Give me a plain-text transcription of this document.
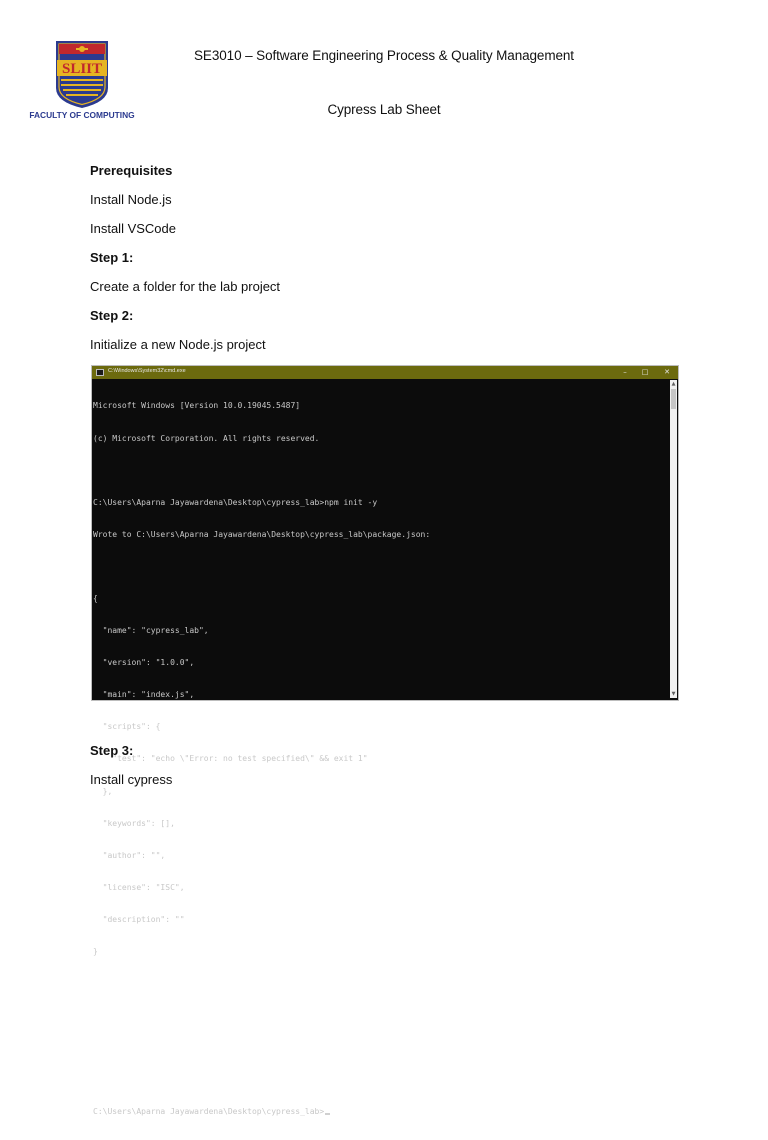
SLIIT
FACULTY OF COMPUTING
SE3010 – Software Engineering Process & Quality Management
Cypress Lab Sheet
Prerequisites
Install Node.js
Install VSCode
Step 1:
Create a folder for the lab project
Step 2:
Initialize a new Node.js project
C:\Windows\System32\cmd.exe	–	□	✕

Microsoft Windows [Version 10.0.19045.5487]

(c) Microsoft Corporation. All rights reserved.

C:\Users\Aparna Jayawardena\Desktop\cypress_lab>npm init -y

Wrote to C:\Users\Aparna Jayawardena\Desktop\cypress_lab\package.json:

{

"name": "cypress_lab",

"version": "1.0.0",

"main": "index.js",

"scripts": {

"test": "echo \"Error: no test specified\" && exit 1"

},

"keywords": [],

"author": "",

"license": "ISC",

"description": ""

}

C:\Users\Aparna Jayawardena\Desktop\cypress_lab>

▲
▼
Step 3:
Install cypress
